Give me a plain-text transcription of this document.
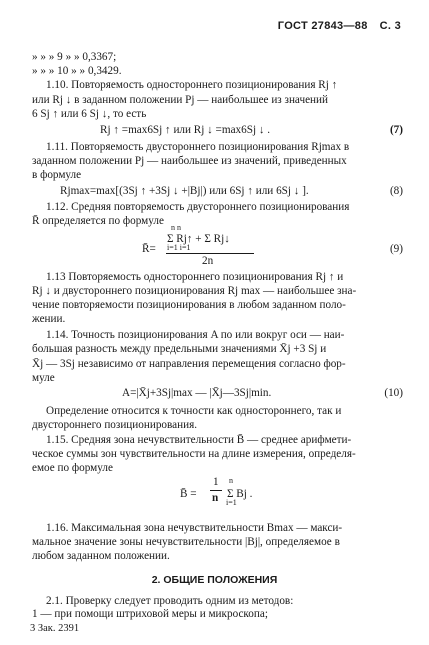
ГОСТ 27843—88 С. 3
» » » 9 » » 0,3367;
» » » 10 » » 0,3429.
1.10. Повторяемость одностороннего позиционирования Rj ↑
или Rj ↓ в заданном положении Pj — наибольшее из значений
6 Sj ↑ или 6 Sj ↓, то есть
Rj ↑ =max6Sj ↑ или Rj ↓ =max6Sj ↓ .	(7)
1.11. Повторяемость двустороннего позиционирования Rjmax в
заданном положении Pj — наибольшее из значений, приведенных
в формуле
Rjmax=max[(3Sj ↑ +3Sj ↓ +|Bj|) или 6Sj ↑ или 6Sj ↓ ].	(8)
1.12. Средняя повторяемость двустороннего позиционирования
R̄ определяется по формуле
R̄=
n n
Σ Rj↑ + Σ Rj↓
i=1 i=1
2n
(9)
1.13 Повторяемость одностороннего позиционирования Rj ↑ и
Rj ↓ и двустороннего позиционирования Rj max — наибольшее зна-
чение повторяемости позиционирования в любом заданном поло-
жении.
1.14. Точность позиционирования A по или вокруг оси — наи-
большая разность между предельными значениями X̄j +3 Sj и
X̄j — 3Sj независимо от направления перемещения согласно фор-
муле
A=|X̄j+3Sj|max — |X̄j—3Sj|min.	(10)
Определение относится к точности как одностороннего, так и
двустороннего позиционирования.
1.15. Средняя зона нечувствительности B̄ — среднее арифмети-
ческое суммы зон чувствительности на длине измерения, определя-
емое по формуле
B̄ =
1
n
n
Σ Bj .
i=1
1.16. Максимальная зона нечувствительности Bmax — макси-
мальное значение зоны нечувствительности |Bj|, определяемое в
любом заданном положении.
2. ОБЩИЕ ПОЛОЖЕНИЯ
2.1. Проверку следует проводить одним из методов:
1 — при помощи штриховой меры и микроскопа;
3 Зак. 2391
